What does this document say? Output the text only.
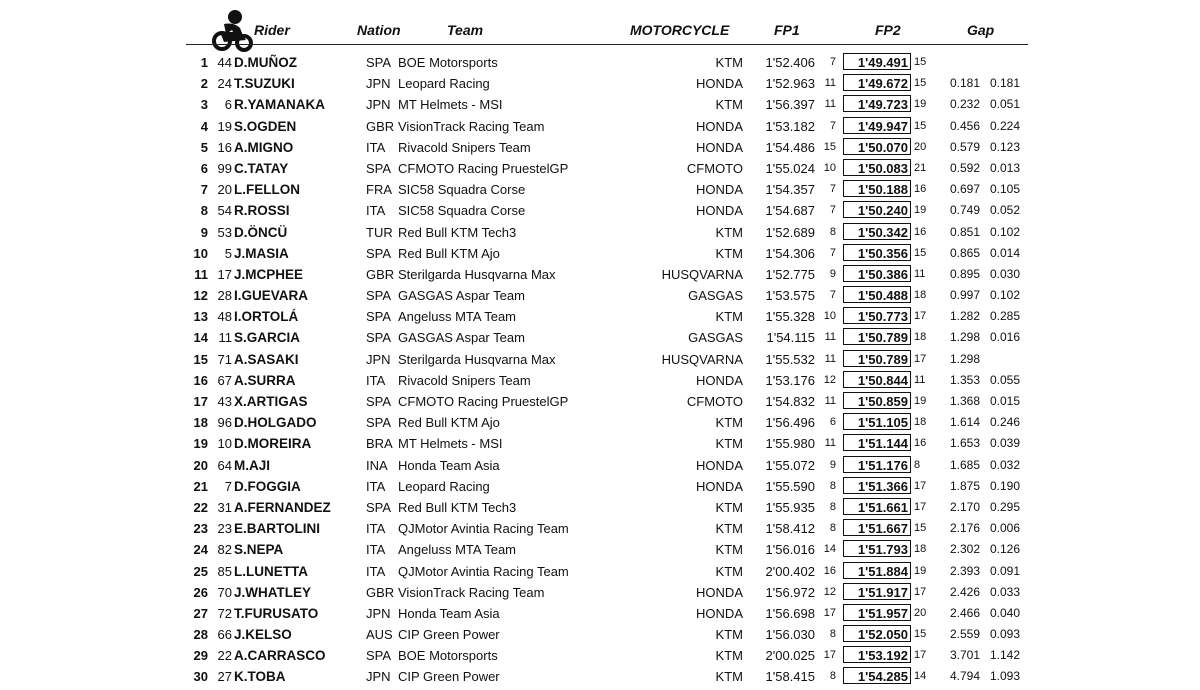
Rider	Nation	Team	MOTORCYCLE	FP1	FP2	Gap
1 44 D.MUÑOZ	SPA BOE Motorsports	KTM	1'52.406	7	1'49.491 15
2 24 T.SUZUKI	JPN Leopard Racing	HONDA	1'52.963 11	1'49.672 15	0.181 0.181
3	6 R.YAMANAKA	JPN MT Helmets - MSI	KTM	1'56.397 11	1'49.723 19	0.232 0.051
4 19 S.OGDEN	GBR VisionTrack Racing Team	HONDA	1'53.182	7	1'49.947 15	0.456 0.224
5 16 A.MIGNO	ITA Rivacold Snipers Team	HONDA	1'54.486 15	1'50.070 20	0.579 0.123
6 99 C.TATAY	SPA CFMOTO Racing PruestelGP	CFMOTO	1'55.024 10	1'50.083 21	0.592 0.013
7 20 L.FELLON	FRA SIC58 Squadra Corse	HONDA	1'54.357	7	1'50.188 16	0.697 0.105
8 54 R.ROSSI	ITA SIC58 Squadra Corse	HONDA	1'54.687	7	1'50.240 19	0.749 0.052
9 53 D.ÖNCÜ	TUR Red Bull KTM Tech3	KTM	1'52.689	8	1'50.342 16	0.851 0.102
10	5 J.MASIA	SPA Red Bull KTM Ajo	KTM	1'54.306	7	1'50.356 15	0.865 0.014
11 17 J.MCPHEE	GBR Sterilgarda Husqvarna Max	HUSQVARNA	1'52.775	9	1'50.386 11	0.895 0.030
12 28 I.GUEVARA	SPA GASGAS Aspar Team	GASGAS	1'53.575	7	1'50.488 18	0.997 0.102
13 48 I.ORTOLÁ	SPA Angeluss MTA Team	KTM	1'55.328 10	1'50.773 17	1.282 0.285
14 11 S.GARCIA	SPA GASGAS Aspar Team	GASGAS	1'54.115 11	1'50.789 18	1.298 0.016
15 71 A.SASAKI	JPN Sterilgarda Husqvarna Max	HUSQVARNA	1'55.532 11	1'50.789 17	1.298
16 67 A.SURRA	ITA Rivacold Snipers Team	HONDA	1'53.176 12	1'50.844 11	1.353 0.055
17 43 X.ARTIGAS	SPA CFMOTO Racing PruestelGP	CFMOTO	1'54.832 11	1'50.859 19	1.368 0.015
18 96 D.HOLGADO	SPA Red Bull KTM Ajo	KTM	1'56.496	6	1'51.105 18	1.614 0.246
19 10 D.MOREIRA	BRA MT Helmets - MSI	KTM	1'55.980 11	1'51.144 16	1.653 0.039
20 64 M.AJI	INA Honda Team Asia	HONDA	1'55.072	9	1'51.176 8	1.685 0.032
21	7 D.FOGGIA	ITA Leopard Racing	HONDA	1'55.590	8	1'51.366 17	1.875 0.190
22 31 A.FERNANDEZ	SPA Red Bull KTM Tech3	KTM	1'55.935	8	1'51.661 17	2.170 0.295
23 23 E.BARTOLINI	ITA QJMotor Avintia Racing Team	KTM	1'58.412	8	1'51.667 15	2.176 0.006
24 82 S.NEPA	ITA Angeluss MTA Team	KTM	1'56.016 14	1'51.793 18	2.302 0.126
25 85 L.LUNETTA	ITA QJMotor Avintia Racing Team	KTM	2'00.402 16	1'51.884 19	2.393 0.091
26 70 J.WHATLEY	GBR VisionTrack Racing Team	HONDA	1'56.972 12	1'51.917 17	2.426 0.033
27 72 T.FURUSATO	JPN Honda Team Asia	HONDA	1'56.698 17	1'51.957 20	2.466 0.040
28 66 J.KELSO	AUS CIP Green Power	KTM	1'56.030	8	1'52.050 15	2.559 0.093
29 22 A.CARRASCO	SPA BOE Motorsports	KTM	2'00.025 17	1'53.192 17	3.701 1.142
30 27 K.TOBA	JPN CIP Green Power	KTM	1'58.415	8	1'54.285 14	4.794 1.093
